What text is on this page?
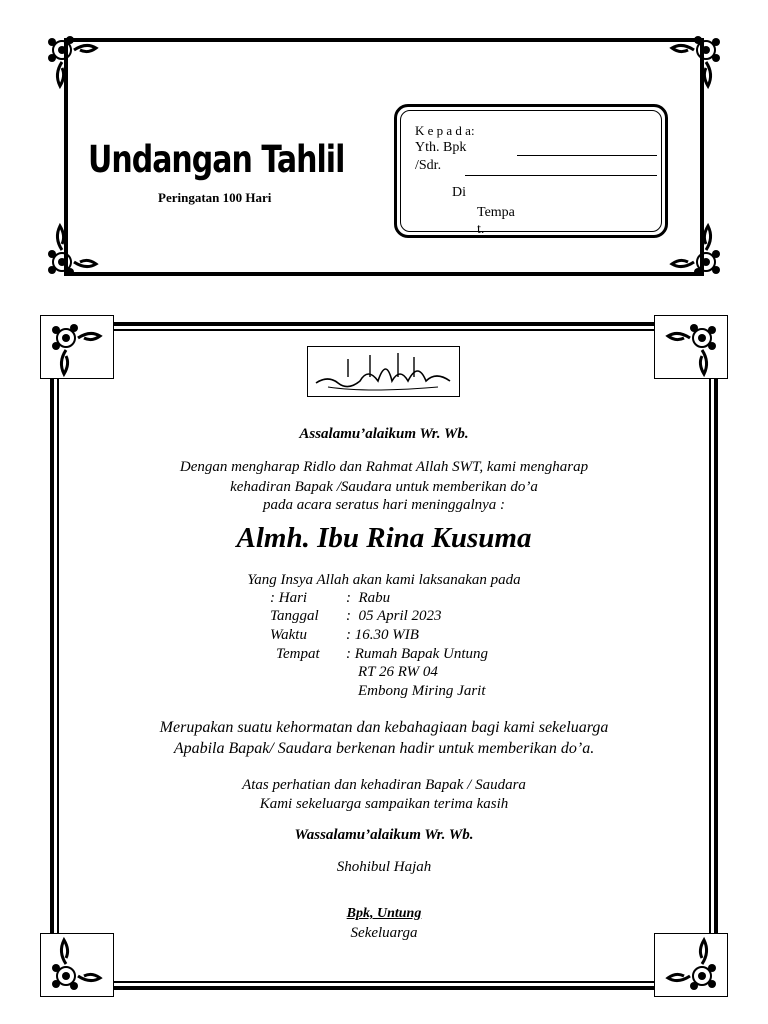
Undangan Tahlil
Peringatan 100 Hari
K e p a d a:
Yth. Bpk
/Sdr.
Di
Tempa
t.
Assalamu’alaikum Wr. Wb.
Dengan mengharap Ridlo dan Rahmat Allah SWT, kami mengharap
kehadiran Bapak /Saudara untuk memberikan do’a
pada acara seratus hari meninggalnya :
Almh. Ibu Rina Kusuma
Yang Insya Allah akan kami laksanakan pada
: Hari	:  Rabu
Tanggal :  05 April 2023
Waktu	: 16.30 WIB
Tempat : Rumah Bapak Untung
RT 26 RW 04
Embong Miring Jarit
Merupakan suatu kehormatan dan kebahagiaan bagi kami sekeluarga
Apabila Bapak/ Saudara berkenan hadir untuk memberikan do’a.
Atas perhatian dan kehadiran Bapak / Saudara
Kami sekeluarga sampaikan terima kasih
Wassalamu’alaikum Wr. Wb.
Shohibul Hajah
Bpk, Untung
Sekeluarga
